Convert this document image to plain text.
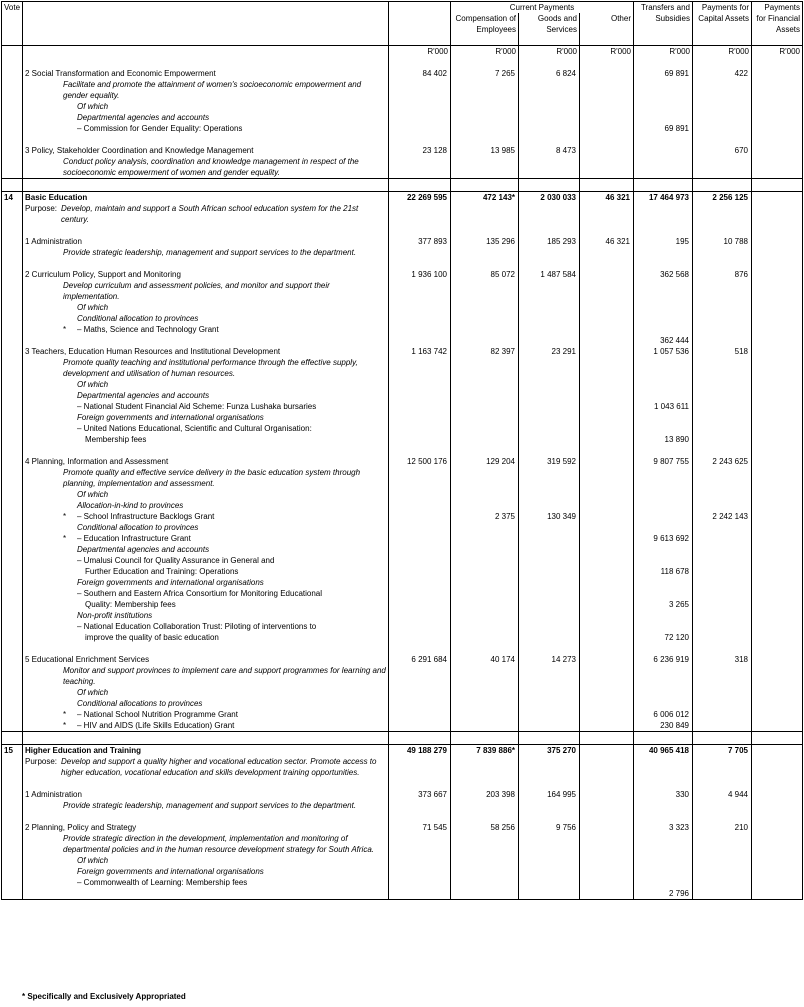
Vote			Current Payments			Transfers and Subsidies	Payments for Capital Assets	Payments for Financial Assets
			Compensation of Employees	Goods and Services	Other			
		R'000	R'000	R'000	R'000	R'000	R'000	R'000

	2 Social Transformation and Economic Empowerment	84 402	7 265	6 824		69 891	422	
	Facilitate and promote the attainment of women's socioeconomic empowerment and gender equality.							
	Of which							
	Departmental agencies and accounts							
	– Commission for Gender Equality: Operations					69 891		

	3 Policy, Stakeholder Coordination and Knowledge Management	23 128	13 985	8 473			670	
	Conduct policy analysis, coordination and knowledge management in respect of the socioeconomic empowerment of women and gender equality.							

14	Basic Education	22 269 595	472 143*	2 030 033	46 321	17 464 973	2 256 125	

Purpose: Develop, maintain and support a South African school education system for the 21st century.

	1 Administration	377 893	135 296	185 293	46 321	195	10 788	
	Provide strategic leadership, management and support services to the department.							

	2 Curriculum Policy, Support and Monitoring	1 936 100	85 072	1 487 584		362 568	876	
	Develop curriculum and assessment policies, and monitor and support their implementation.							
	Of which							
	Conditional allocation to provinces							

	* – Maths, Science and Technology Grant							
						362 444		
	3 Teachers, Education Human Resources and Institutional Development	1 163 742	82 397	23 291		1 057 536	518	
	Promote quality teaching and institutional performance through the effective supply, development and utilisation of human resources.							
	Of which							
	Departmental agencies and accounts							
	– National Student Financial Aid Scheme: Funza Lushaka bursaries					1 043 611		
	Foreign governments and international organisations							
	– United Nations Educational, Scientific and Cultural Organisation:							
	Membership fees					13 890		

	4 Planning, Information and Assessment	12 500 176	129 204	319 592		9 807 755	2 243 625	
	Promote quality and effective service delivery in the basic education system through planning, implementation and assessment.							
	Of which							
	Allocation-in-kind to provinces							

	* – School Infrastructure Backlogs Grant		2 375	130 349			2 242 143	
	Conditional allocation to provinces							

	* – Education Infrastructure Grant					9 613 692		
	Departmental agencies and accounts							
	– Umalusi Council for Quality Assurance in General and							
	Further Education and Training: Operations					118 678		
	Foreign governments and international organisations							
	– Southern and Eastern Africa Consortium for Monitoring Educational							
	Quality: Membership fees					3 265		
	Non-profit institutions							
	– National Education Collaboration Trust: Piloting of interventions to							
	improve the quality of basic education					72 120		

	5 Educational Enrichment Services	6 291 684	40 174	14 273		6 236 919	318	
	Monitor and support provinces to implement care and support programmes for learning and teaching.							
	Of which							
	Conditional allocations to provinces							

	* – National School Nutrition Programme Grant					6 006 012		

	* – HIV and AIDS (Life Skills Education) Grant					230 849		

15	Higher Education and Training	49 188 279	7 839 886*	375 270		40 965 418	7 705	

Purpose: Develop and support a quality higher and vocational education sector. Promote access to higher education, vocational education and skills development training opportunities.

	1 Administration	373 667	203 398	164 995		330	4 944	
	Provide strategic leadership, management and support services to the department.							

	2 Planning, Policy and Strategy	71 545	58 256	9 756		3 323	210	
	Provide strategic direction in the development, implementation and monitoring of departmental policies and in the human resource development strategy for South Africa.							
	Of which							
	Foreign governments and international organisations							
	– Commonwealth of Learning: Membership fees							
						2 796		
* Specifically and Exclusively Appropriated
